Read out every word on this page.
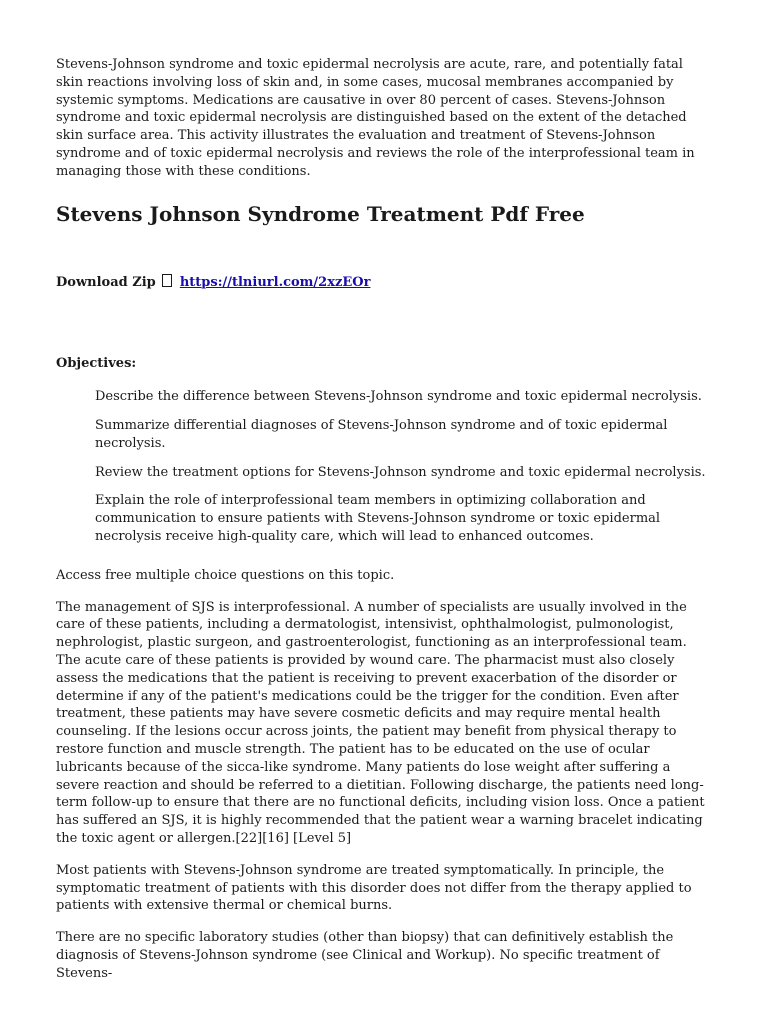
Stevens-Johnson syndrome and toxic epidermal necrolysis are acute, rare, and potentially fatal skin reactions involving loss of skin and, in some cases, mucosal membranes accompanied by systemic symptoms. Medications are causative in over 80 percent of cases. Stevens-Johnson syndrome and toxic epidermal necrolysis are distinguished based on the extent of the detached skin surface area. This activity illustrates the evaluation and treatment of Stevens-Johnson syndrome and of toxic epidermal necrolysis and reviews the role of the interprofessional team in managing those with these conditions.

Stevens Johnson Syndrome Treatment Pdf Free

Download Zip https://tlniurl.com/2xzEOr

Objectives:

Describe the difference between Stevens-Johnson syndrome and toxic epidermal necrolysis.
Summarize differential diagnoses of Stevens-Johnson syndrome and of toxic epidermal necrolysis.
Review the treatment options for Stevens-Johnson syndrome and toxic epidermal necrolysis.
Explain the role of interprofessional team members in optimizing collaboration and communication to ensure patients with Stevens-Johnson syndrome or toxic epidermal necrolysis receive high-quality care, which will lead to enhanced outcomes.

Access free multiple choice questions on this topic.

The management of SJS is interprofessional. A number of specialists are usually involved in the care of these patients, including a dermatologist, intensivist, ophthalmologist, pulmonologist, nephrologist, plastic surgeon, and gastroenterologist, functioning as an interprofessional team. The acute care of these patients is provided by wound care. The pharmacist must also closely assess the medications that the patient is receiving to prevent exacerbation of the disorder or determine if any of the patient's medications could be the trigger for the condition. Even after treatment, these patients may have severe cosmetic deficits and may require mental health counseling. If the lesions occur across joints, the patient may benefit from physical therapy to restore function and muscle strength. The patient has to be educated on the use of ocular lubricants because of the sicca-like syndrome. Many patients do lose weight after suffering a severe reaction and should be referred to a dietitian. Following discharge, the patients need long-term follow-up to ensure that there are no functional deficits, including vision loss. Once a patient has suffered an SJS, it is highly recommended that the patient wear a warning bracelet indicating the toxic agent or allergen.[22][16] [Level 5]

Most patients with Stevens-Johnson syndrome are treated symptomatically. In principle, the symptomatic treatment of patients with this disorder does not differ from the therapy applied to patients with extensive thermal or chemical burns.

There are no specific laboratory studies (other than biopsy) that can definitively establish the diagnosis of Stevens-Johnson syndrome (see Clinical and Workup). No specific treatment of Stevens-
